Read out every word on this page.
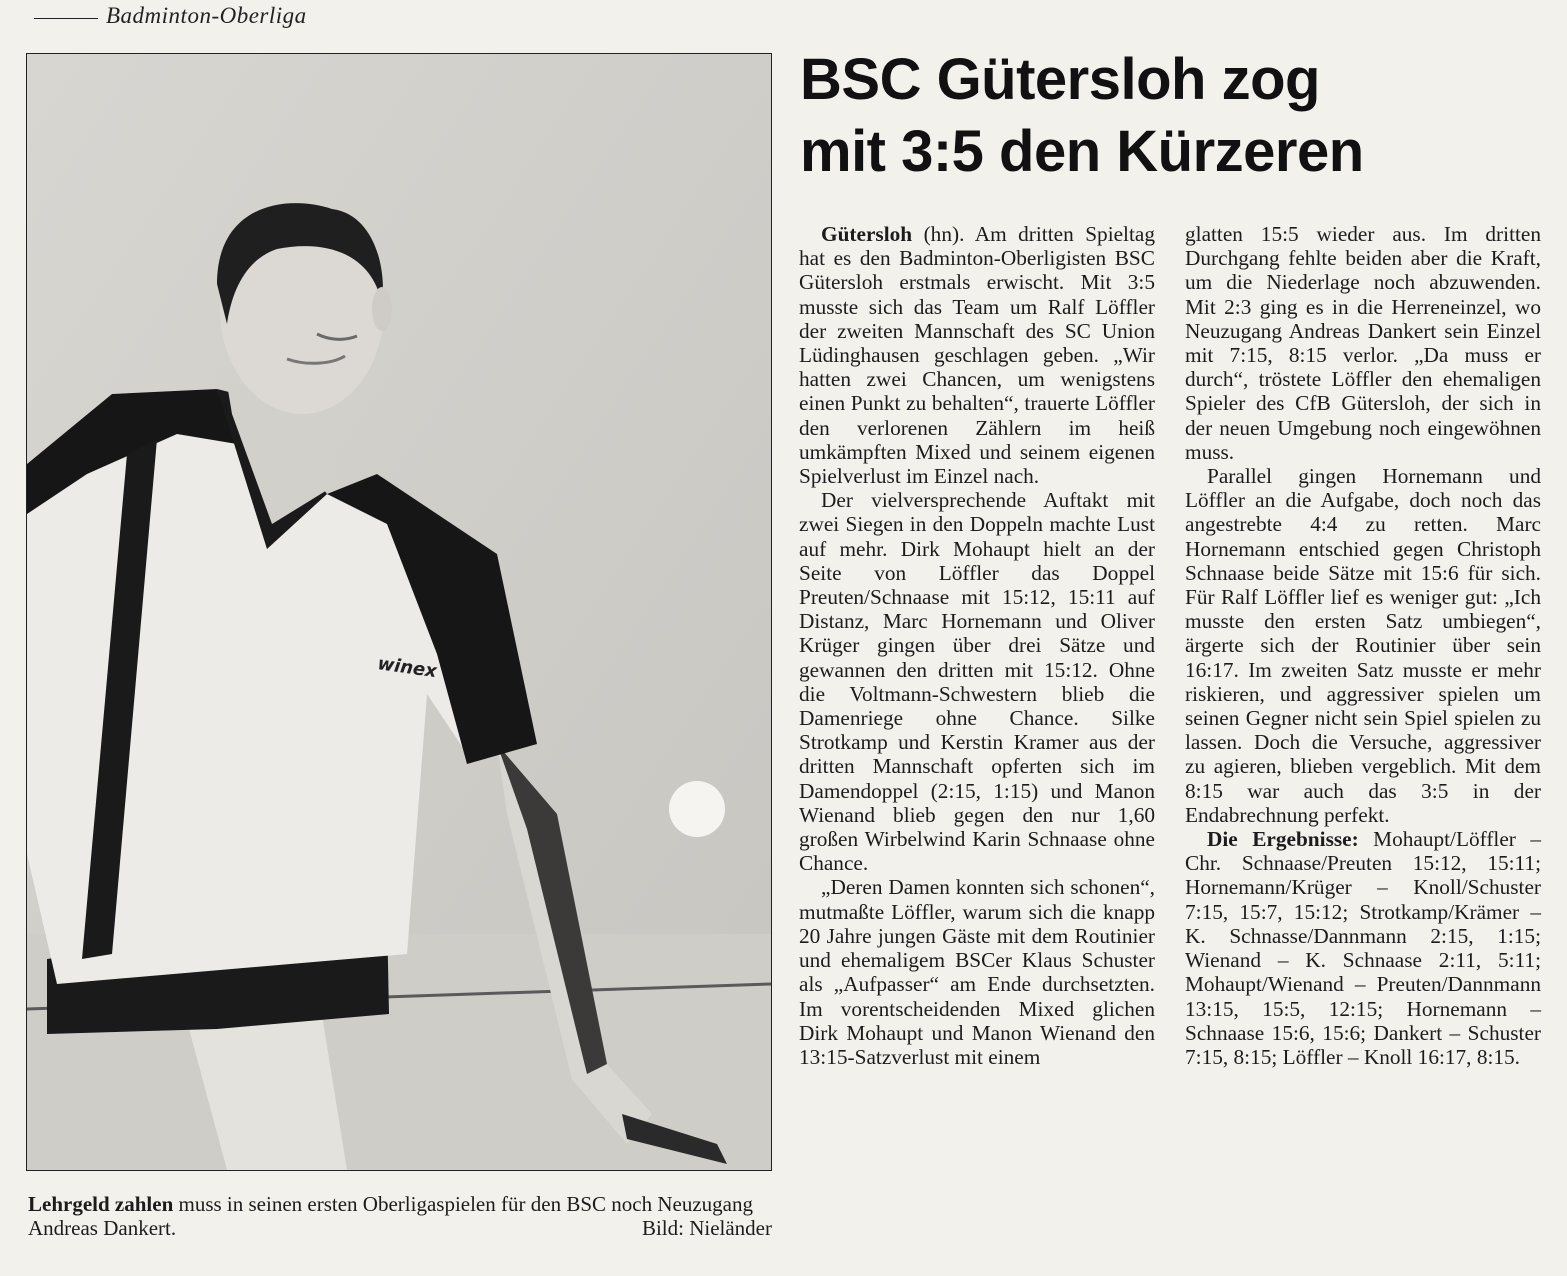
Badminton-Oberliga
winex
Lehrgeld zahlen muss in seinen ersten Oberligaspielen für den BSC noch Neuzugang Andreas Dankert.	Bild: Nieländer
BSC Gütersloh zog
mit 3:5 den Kürzeren

Gütersloh (hn). Am dritten Spieltag hat es den Badminton-Oberligisten BSC Gütersloh erstmals erwischt. Mit 3:5 musste sich das Team um Ralf Löffler der zweiten Mannschaft des SC Union Lüdinghausen geschlagen geben. „Wir hatten zwei Chancen, um wenigstens einen Punkt zu behalten“, trauerte Löffler den verlorenen Zählern im heiß umkämpften Mixed und seinem eigenen Spielverlust im Einzel nach.

Der vielversprechende Auftakt mit zwei Siegen in den Doppeln machte Lust auf mehr. Dirk Mohaupt hielt an der Seite von Löffler das Doppel Preuten/Schnaase mit 15:12, 15:11 auf Distanz, Marc Hornemann und Oliver Krüger gingen über drei Sätze und gewannen den dritten mit 15:12. Ohne die Voltmann-Schwestern blieb die Damenriege ohne Chance. Silke Strotkamp und Kerstin Kramer aus der dritten Mannschaft opferten sich im Damendoppel (2:15, 1:15) und Manon Wienand blieb gegen den nur 1,60 großen Wirbelwind Karin Schnaase ohne Chance.

„Deren Damen konnten sich schonen“, mutmaßte Löffler, warum sich die knapp 20 Jahre jungen Gäste mit dem Routinier und ehemaligem BSCer Klaus Schuster als „Aufpasser“ am Ende durchsetzten. Im vorentscheidenden Mixed glichen Dirk Mohaupt und Manon Wienand den 13:15-Satzverlust mit einem

glatten 15:5 wieder aus. Im dritten Durchgang fehlte beiden aber die Kraft, um die Niederlage noch abzuwenden. Mit 2:3 ging es in die Herreneinzel, wo Neuzugang Andreas Dankert sein Einzel mit 7:15, 8:15 verlor. „Da muss er durch“, tröstete Löffler den ehemaligen Spieler des CfB Gütersloh, der sich in der neuen Umgebung noch eingewöhnen muss.

Parallel gingen Hornemann und Löffler an die Aufgabe, doch noch das angestrebte 4:4 zu retten. Marc Hornemann entschied gegen Christoph Schnaase beide Sätze mit 15:6 für sich. Für Ralf Löffler lief es weniger gut: „Ich musste den ersten Satz umbiegen“, ärgerte sich der Routinier über sein 16:17. Im zweiten Satz musste er mehr riskieren, und aggressiver spielen um seinen Gegner nicht sein Spiel spielen zu lassen. Doch die Versuche, aggressiver zu agieren, blieben vergeblich. Mit dem 8:15 war auch das 3:5 in der Endabrechnung perfekt.

Die Ergebnisse: Mohaupt/Löffler – Chr. Schnaase/Preuten 15:12, 15:11; Hornemann/Krüger – Knoll/Schuster 7:15, 15:7, 15:12; Strotkamp/Krämer – K. Schnasse/Dannmann 2:15, 1:15; Wienand – K. Schnaase 2:11, 5:11; Mohaupt/Wienand – Preuten/Dannmann 13:15, 15:5, 12:15; Hornemann – Schnaase 15:6, 15:6; Dankert – Schuster 7:15, 8:15; Löffler – Knoll 16:17, 8:15.
